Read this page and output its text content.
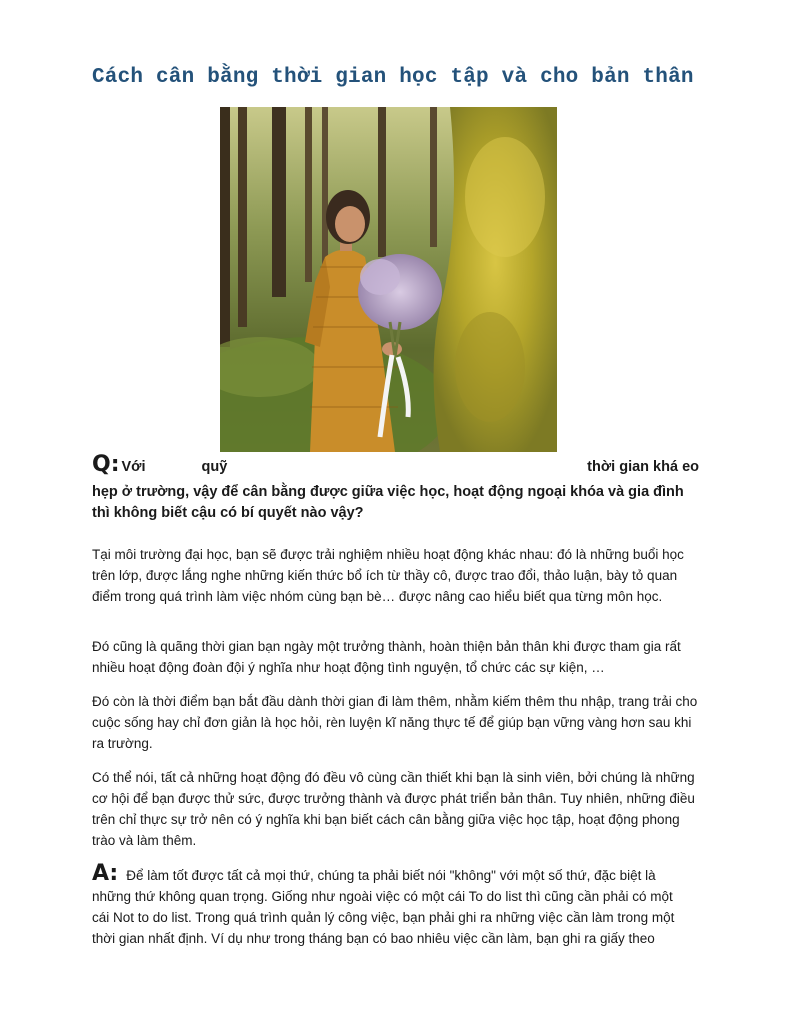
Cách cân bằng thời gian học tập và cho bản thân
Q: Với	quỹ	thời gian khá eo
hẹp ở trường, vậy để cân bằng được giữa việc học, hoạt động ngoại khóa và gia đình thì không biết cậu có bí quyết nào vậy?

Tại môi trường đại học, bạn sẽ được trải nghiệm nhiều hoạt động khác nhau: đó là những buổi học trên lớp, được lắng nghe những kiến thức bổ ích từ thầy cô, được trao đổi, thảo luận, bày tỏ quan điểm trong quá trình làm việc nhóm cùng bạn bè… được nâng cao hiểu biết qua từng môn học.

Đó cũng là quãng thời gian bạn ngày một trưởng thành, hoàn thiện bản thân khi được tham gia rất nhiều hoạt động đoàn đội ý nghĩa như hoạt động tình nguyện, tổ chức các sự kiện, …

Đó còn là thời điểm bạn bắt đầu dành thời gian đi làm thêm, nhằm kiếm thêm thu nhập, trang trải cho cuộc sống hay chỉ đơn giản là học hỏi, rèn luyện kĩ năng thực tế để giúp bạn vững vàng hơn sau khi ra trường.

Có thể nói, tất cả những hoạt động đó đều vô cùng cần thiết khi bạn là sinh viên, bởi chúng là những cơ hội để bạn được thử sức, được trưởng thành và được phát triển bản thân. Tuy nhiên, những điều trên chỉ thực sự trở nên có ý nghĩa khi bạn biết cách cân bằng giữa việc học tập, hoạt động phong trào và làm thêm.

A: Để làm tốt được tất cả mọi thứ, chúng ta phải biết nói "không" với một số thứ, đặc biệt là
những thứ không quan trọng. Giống như ngoài việc có một cái To do list thì cũng cần phải có một
cái Not to do list. Trong quá trình quản lý công việc, bạn phải ghi ra những việc cần làm trong một
thời gian nhất định. Ví dụ như trong tháng bạn có bao nhiêu việc cần làm, bạn ghi ra giấy theo
